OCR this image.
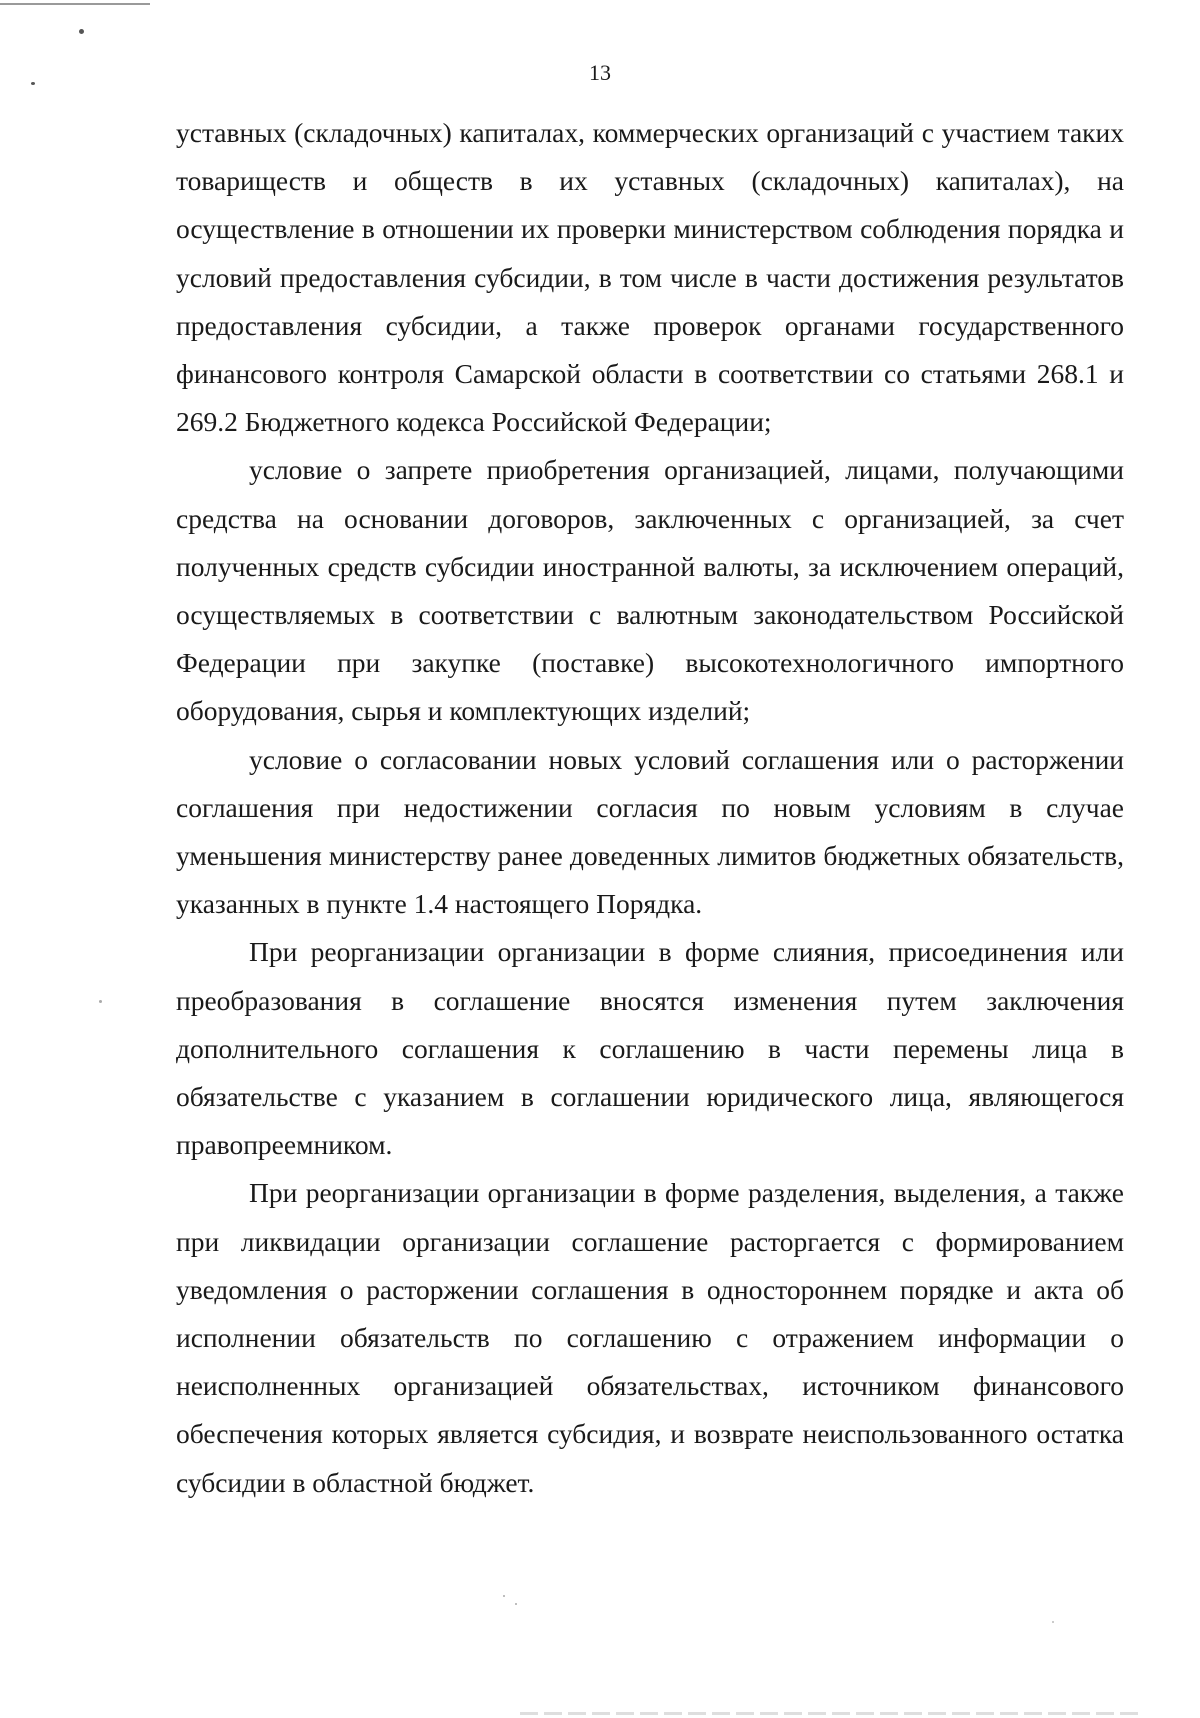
13

уставных (складочных) капиталах, коммерческих организаций с участием таких товариществ и обществ в их уставных (складочных) капиталах), на осуществление в отношении их проверки министерством соблюдения порядка и условий предоставления субсидии, в том числе в части достижения результатов предоставления субсидии, а также проверок органами государственного финансового контроля Самарской области в соответствии со статьями 268.1 и 269.2 Бюджетного кодекса Российской Федерации;

условие о запрете приобретения организацией, лицами, получающими средства на основании договоров, заключенных с организацией, за счет полученных средств субсидии иностранной валюты, за исключением операций, осуществляемых в соответствии с валютным законодательством Российской Федерации при закупке (поставке) высокотехнологичного импортного оборудования, сырья и комплектующих изделий;

условие о согласовании новых условий соглашения или о расторжении соглашения при недостижении согласия по новым условиям в случае уменьшения министерству ранее доведенных лимитов бюджетных обязательств, указанных в пункте 1.4 настоящего Порядка.

При реорганизации организации в форме слияния, присоединения или преобразования в соглашение вносятся изменения путем заключения дополнительного соглашения к соглашению в части перемены лица в обязательстве с указанием в соглашении юридического лица, являющегося правопреемником.

При реорганизации организации в форме разделения, выделения, а также при ликвидации организации соглашение расторгается с формированием уведомления о расторжении соглашения в одностороннем порядке и акта об исполнении обязательств по соглашению с отражением информации о неисполненных организацией обязательствах, источником финансового обеспечения которых является субсидия, и возврате неиспользованного остатка субсидии в областной бюджет.
